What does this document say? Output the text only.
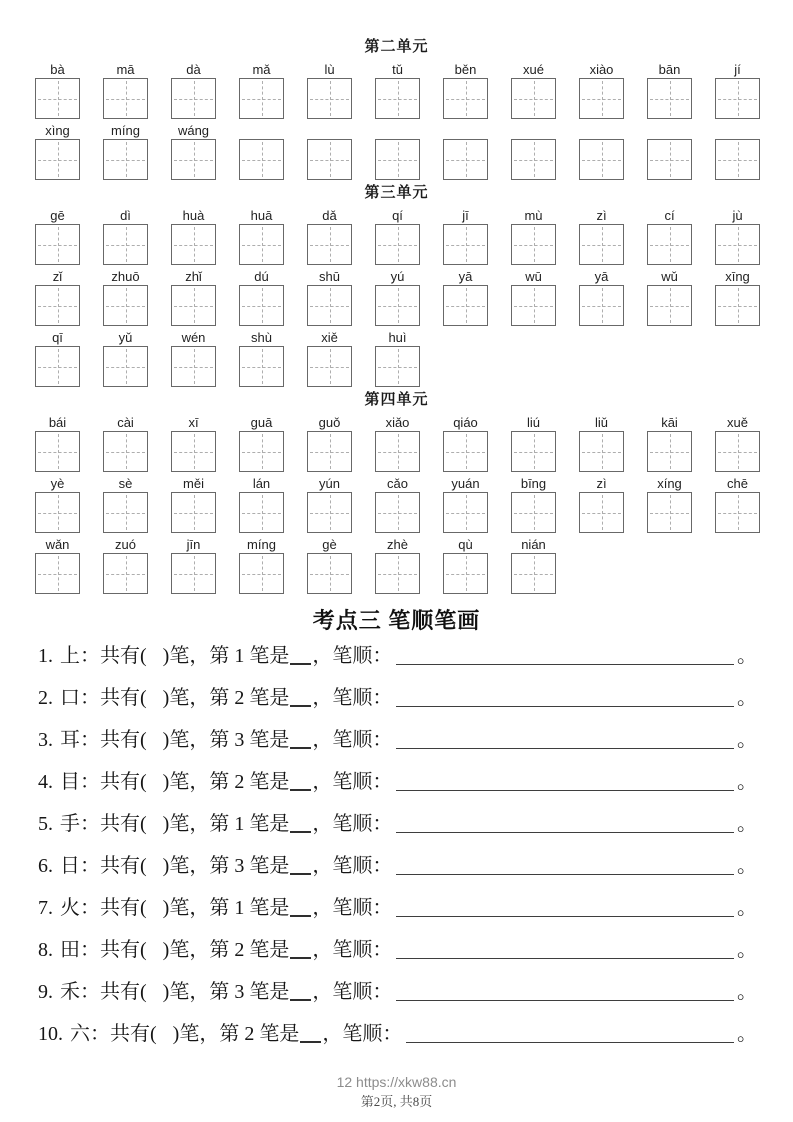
第二单元
bà	mā	dà	mǎ	lù	tǔ	běn	xué	xiào	bān	jí
xìng	míng	wáng
第三单元
gē	dì	huà	huā	dǎ	qí	jī	mù	zì	cí	jù
zǐ	zhuō	zhǐ	dú	shū	yú	yā	wū	yā	wǔ	xīng
qī	yǔ	wén	shù	xiě	huì
第四单元
bái	cài	xī	guā	guǒ	xiǎo	qiáo	liú	liǔ	kāi	xuě
yè	sè	měi	lán	yún	cǎo	yuán	bīng	zì	xíng	chē
wǎn	zuó	jīn	míng	gè	zhè	qù	nián
考点三 笔顺笔画
1. 上 ：共有( )笔，第 1 笔是 ，笔顺：	。
2. 口 ：共有( )笔，第 2 笔是 ，笔顺：	。
3. 耳 ：共有( )笔，第 3 笔是 ，笔顺：	。
4. 目 ：共有( )笔，第 2 笔是 ，笔顺：	。
5. 手 ：共有( )笔，第 1 笔是 ，笔顺：	。
6. 日 ：共有( )笔，第 3 笔是 ，笔顺：	。
7. 火 ：共有( )笔，第 1 笔是 ，笔顺：	。
8. 田 ：共有( )笔，第 2 笔是 ，笔顺：	。
9. 禾 ：共有( )笔，第 3 笔是 ，笔顺：	。
10. 六 ：共有( )笔，第 2 笔是 ，笔顺：	。
12 https://xkw88.cn
第2页, 共8页
